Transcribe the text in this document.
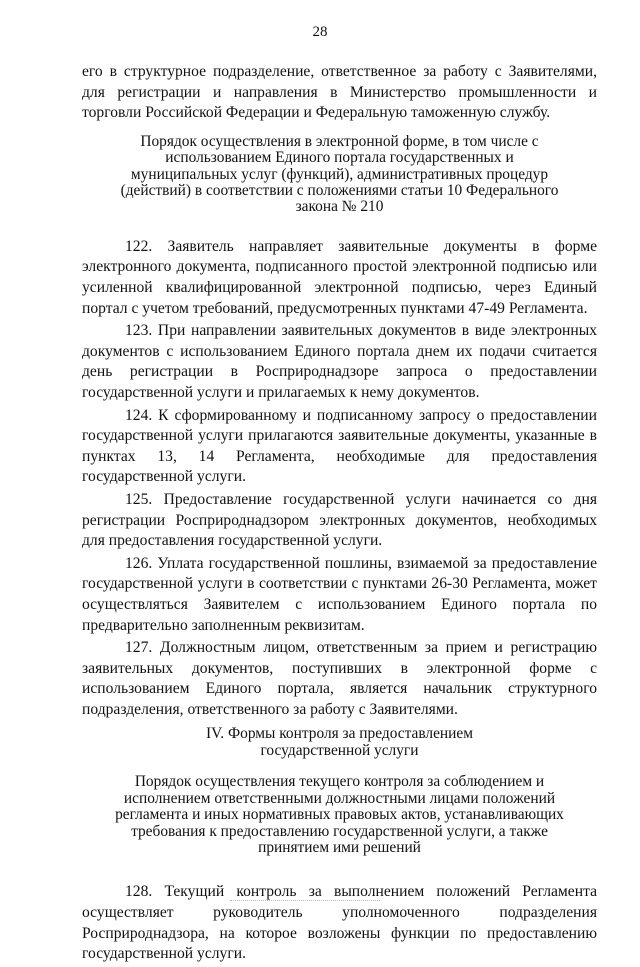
28

его в структурное подразделение, ответственное за работу с Заявителями, для регистрации и направления в Министерство промышленности и торговли Российской Федерации и Федеральную таможенную службу.

Порядок осуществления в электронной форме, в том числе с использованием Единого портала государственных и муниципальных услуг (функций), административных процедур (действий) в соответствии с положениями статьи 10 Федерального закона № 210

122. Заявитель направляет заявительные документы в форме электронного документа, подписанного простой электронной подписью или усиленной квалифицированной электронной подписью, через Единый портал с учетом требований, предусмотренных пунктами 47-49 Регламента.

123. При направлении заявительных документов в виде электронных документов с использованием Единого портала днем их подачи считается день регистрации в Росприроднадзоре запроса о предоставлении государственной услуги и прилагаемых к нему документов.

124. К сформированному и подписанному запросу о предоставлении государственной услуги прилагаются заявительные документы, указанные в пунктах 13, 14 Регламента, необходимые для предоставления государственной услуги.

125. Предоставление государственной услуги начинается со дня регистрации Росприроднадзором электронных документов, необходимых для предоставления государственной услуги.

126. Уплата государственной пошлины, взимаемой за предоставление государственной услуги в соответствии с пунктами 26-30 Регламента, может осуществляться Заявителем с использованием Единого портала по предварительно заполненным реквизитам.

127. Должностным лицом, ответственным за прием и регистрацию заявительных документов, поступивших в электронной форме с использованием Единого портала, является начальник структурного подразделения, ответственного за работу с Заявителями.

IV. Формы контроля за предоставлением государственной услуги
Порядок осуществления текущего контроля за соблюдением и исполнением ответственными должностными лицами положений регламента и иных нормативных правовых актов, устанавливающих требования к предоставлению государственной услуги, а также принятием ими решений

128. Текущий контроль за выполнением положений Регламента осуществляет руководитель уполномоченного подразделения Росприроднадзора, на которое возложены функции по предоставлению государственной услуги.
